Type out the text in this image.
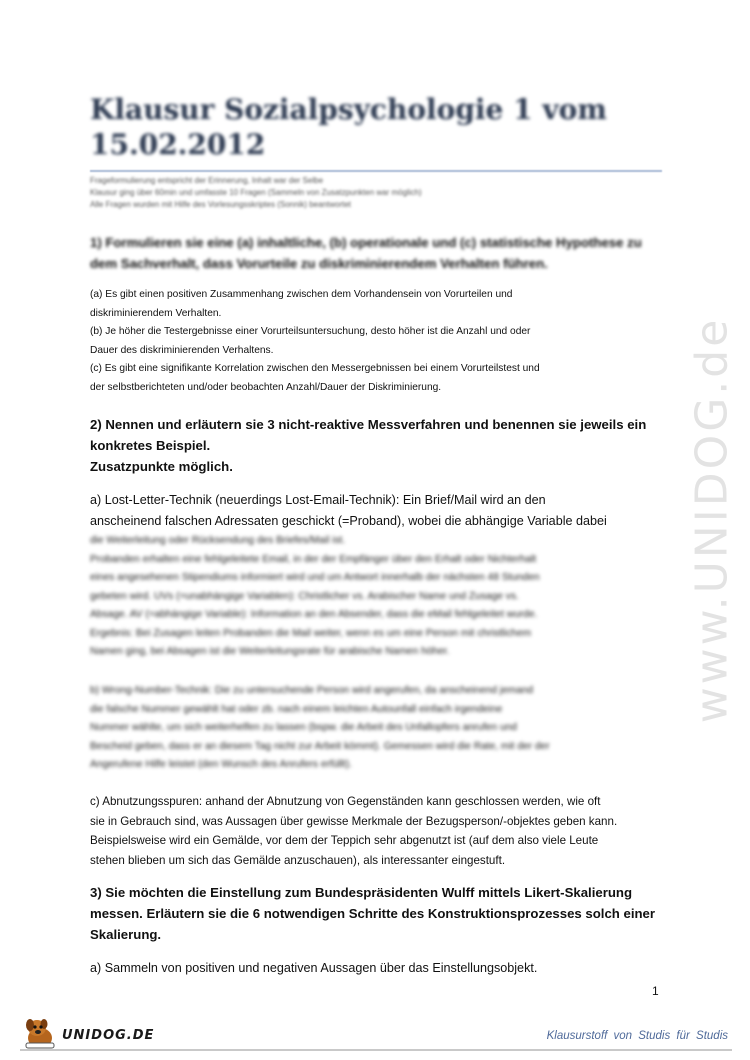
Klausur Sozialpsychologie 1 vom
15.02.2012
Frageformulierung entspricht der Erinnerung, Inhalt war der Selbe
Klausur ging über 60min und umfasste 10 Fragen (Sammeln von Zusatzpunkten war möglich)
Alle Fragen wurden mit Hilfe des Vorlesungsskriptes (Sonnik) beantwortet
1) Formulieren sie eine (a) inhaltliche, (b) operationale und (c) statistische Hypothese zu
dem Sachverhalt, dass Vorurteile zu diskriminierendem Verhalten führen.
(a) Es gibt einen positiven Zusammenhang zwischen dem Vorhandensein von Vorurteilen und
diskriminierendem Verhalten.
(b) Je höher die Testergebnisse einer Vorurteilsuntersuchung, desto höher ist die Anzahl und oder
Dauer des diskriminierenden Verhaltens.
(c) Es gibt eine signifikante Korrelation zwischen den Messergebnissen bei einem Vorurteilstest und
der selbstberichteten und/oder beobachten Anzahl/Dauer der Diskriminierung.
2) Nennen und erläutern sie 3 nicht-reaktive Messverfahren und benennen sie jeweils ein
konkretes Beispiel.
Zusatzpunkte möglich.
a) Lost-Letter-Technik (neuerdings Lost-Email-Technik): Ein Brief/Mail wird an den
anscheinend falschen Adressaten geschickt (=Proband), wobei die abhängige Variable dabei
die Weiterleitung oder Rücksendung des Briefes/Mail ist.
Probanden erhalten eine fehlgeleitete Email, in der der Empfänger über den Erhalt oder Nichterhalt
eines angesehenen Stipendiums informiert wird und um Antwort innerhalb der nächsten 48 Stunden
gebeten wird. UVs (=unabhängige Variablen): Christlicher vs. Arabischer Name und Zusage vs.
Absage. AV (=abhängige Variable): Information an den Absender, dass die eMail fehlgeleitet wurde.
Ergebnis: Bei Zusagen leiten Probanden die Mail weiter, wenn es um eine Person mit christlichem
Namen ging, bei Absagen ist die Weiterleitungsrate für arabische Namen höher.
b) Wrong-Number-Technik: Die zu untersuchende Person wird angerufen, da anscheinend jemand
die falsche Nummer gewählt hat oder zb. nach einem leichten Autounfall einfach irgendeine
Nummer wählte, um sich weiterhelfen zu lassen (bspw. die Arbeit des Unfallopfers anrufen und
Bescheid geben, dass er an diesem Tag nicht zur Arbeit kömmt). Gemessen wird die Rate, mit der der
Angerufene Hilfe leistet (den Wunsch des Anrufers erfüllt).
c) Abnutzungsspuren: anhand der Abnutzung von Gegenständen kann geschlossen werden, wie oft
sie in Gebrauch sind, was Aussagen über gewisse Merkmale der Bezugsperson/-objektes geben kann.
Beispielsweise wird ein Gemälde, vor dem der Teppich sehr abgenutzt ist (auf dem also viele Leute
stehen blieben um sich das Gemälde anzuschauen), als interessanter eingestuft.
3) Sie möchten die Einstellung zum Bundespräsidenten Wulff mittels Likert-Skalierung
messen. Erläutern sie die 6 notwendigen Schritte des Konstruktionsprozesses solch einer
Skalierung.
a) Sammeln von positiven und negativen Aussagen über das Einstellungsobjekt.
www.UNIDOG.de
1
UNIDOG.DE	Klausurstoff von Studis für Studis
